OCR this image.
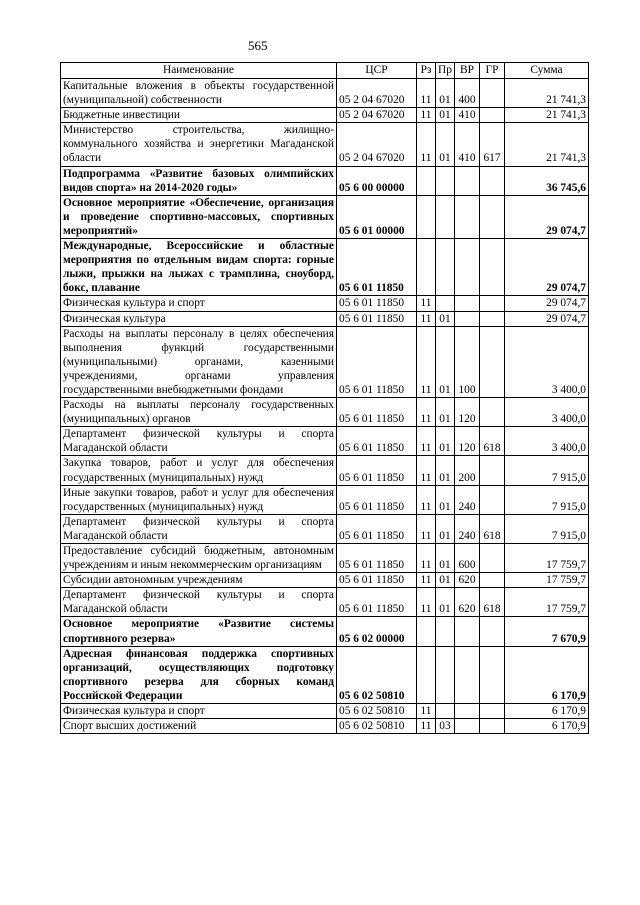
565
Наименование	ЦСР	Рз	Пр	ВР	ГР	Сумма
Капитальные вложения в объекты государственной (муниципальной) собственности	05 2 04 67020	11	01	400		21 741,3
Бюджетные инвестиции	05 2 04 67020	11	01	410		21 741,3
Министерство строительства, жилищно-коммунального хозяйства и энергетики Магаданской области	05 2 04 67020	11	01	410	617	21 741,3
Подпрограмма «Развитие базовых олимпийских видов спорта» на 2014-2020 годы»	05 6 00 00000					36 745,6
Основное мероприятие «Обеспечение, организация и проведение спортивно-массовых, спортивных мероприятий»	05 6 01 00000					29 074,7
Международные, Всероссийские и областные мероприятия по отдельным видам спорта: горные лыжи, прыжки на лыжах с трамплина, сноуборд, бокс, плавание	05 6 01 11850					29 074,7
Физическая культура и спорт	05 6 01 11850	11				29 074,7
Физическая культура	05 6 01 11850	11	01			29 074,7
Расходы на выплаты персоналу в целях обеспечения выполнения функций государственными (муниципальными) органами, казенными учреждениями, органами управления государственными внебюджетными фондами	05 6 01 11850	11	01	100		3 400,0
Расходы на выплаты персоналу государственных (муниципальных) органов	05 6 01 11850	11	01	120		3 400,0
Департамент физической культуры и спорта Магаданской области	05 6 01 11850	11	01	120	618	3 400,0
Закупка товаров, работ и услуг для обеспечения государственных (муниципальных) нужд	05 6 01 11850	11	01	200		7 915,0
Иные закупки товаров, работ и услуг для обеспечения государственных (муниципальных) нужд	05 6 01 11850	11	01	240		7 915,0
Департамент физической культуры и спорта Магаданской области	05 6 01 11850	11	01	240	618	7 915,0
Предоставление субсидий бюджетным, автономным учреждениям и иным некоммерческим организациям	05 6 01 11850	11	01	600		17 759,7
Субсидии автономным учреждениям	05 6 01 11850	11	01	620		17 759,7
Департамент физической культуры и спорта Магаданской области	05 6 01 11850	11	01	620	618	17 759,7
Основное мероприятие «Развитие системы спортивного резерва»	05 6 02 00000					7 670,9
Адресная финансовая поддержка спортивных организаций, осуществляющих подготовку спортивного резерва для сборных команд Российской Федерации	05 6 02 50810					6 170,9
Физическая культура и спорт	05 6 02 50810	11				6 170,9
Спорт высших достижений	05 6 02 50810	11	03			6 170,9
